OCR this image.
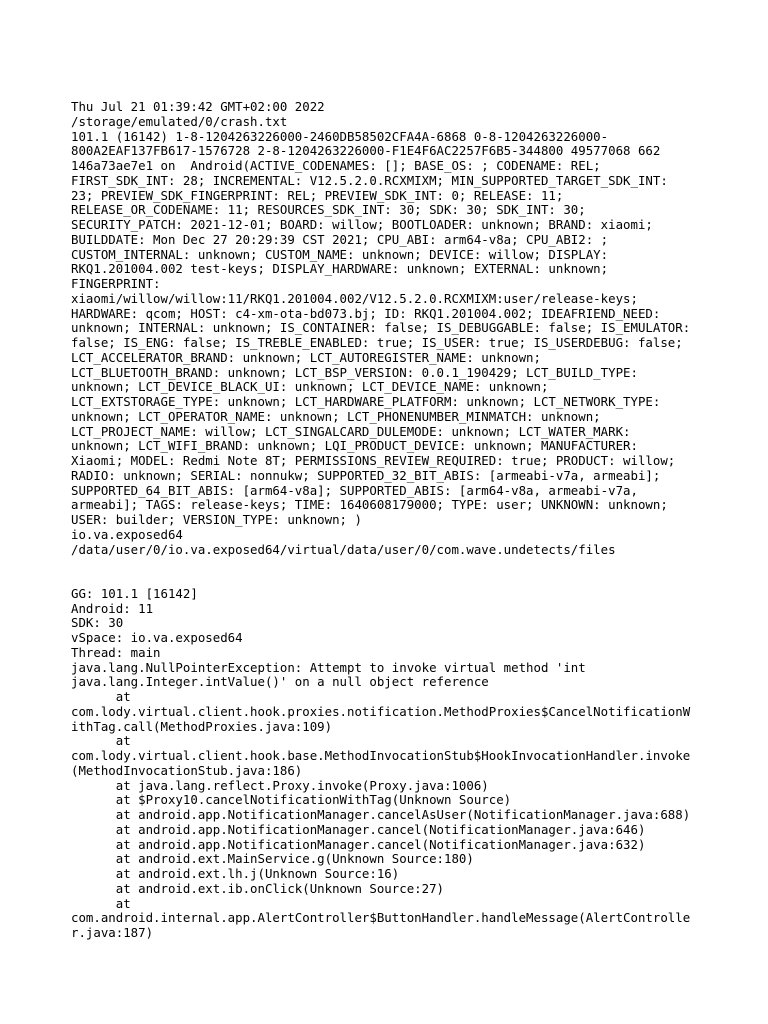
Thu Jul 21 01:39:42 GMT+02:00 2022
/storage/emulated/0/crash.txt
101.1 (16142) 1-8-1204263226000-2460DB58502CFA4A-6868 0-8-1204263226000-
800A2EAF137FB617-1576728 2-8-1204263226000-F1E4F6AC2257F6B5-344800 49577068 662
146a73ae7e1 on  Android(ACTIVE_CODENAMES: []; BASE_OS: ; CODENAME: REL;
FIRST_SDK_INT: 28; INCREMENTAL: V12.5.2.0.RCXMIXM; MIN_SUPPORTED_TARGET_SDK_INT:
23; PREVIEW_SDK_FINGERPRINT: REL; PREVIEW_SDK_INT: 0; RELEASE: 11;
RELEASE_OR_CODENAME: 11; RESOURCES_SDK_INT: 30; SDK: 30; SDK_INT: 30;
SECURITY_PATCH: 2021-12-01; BOARD: willow; BOOTLOADER: unknown; BRAND: xiaomi;
BUILDDATE: Mon Dec 27 20:29:39 CST 2021; CPU_ABI: arm64-v8a; CPU_ABI2: ;
CUSTOM_INTERNAL: unknown; CUSTOM_NAME: unknown; DEVICE: willow; DISPLAY:
RKQ1.201004.002 test-keys; DISPLAY_HARDWARE: unknown; EXTERNAL: unknown;
FINGERPRINT:
xiaomi/willow/willow:11/RKQ1.201004.002/V12.5.2.0.RCXMIXM:user/release-keys;
HARDWARE: qcom; HOST: c4-xm-ota-bd073.bj; ID: RKQ1.201004.002; IDEAFRIEND_NEED:
unknown; INTERNAL: unknown; IS_CONTAINER: false; IS_DEBUGGABLE: false; IS_EMULATOR:
false; IS_ENG: false; IS_TREBLE_ENABLED: true; IS_USER: true; IS_USERDEBUG: false;
LCT_ACCELERATOR_BRAND: unknown; LCT_AUTOREGISTER_NAME: unknown;
LCT_BLUETOOTH_BRAND: unknown; LCT_BSP_VERSION: 0.0.1_190429; LCT_BUILD_TYPE:
unknown; LCT_DEVICE_BLACK_UI: unknown; LCT_DEVICE_NAME: unknown;
LCT_EXTSTORAGE_TYPE: unknown; LCT_HARDWARE_PLATFORM: unknown; LCT_NETWORK_TYPE:
unknown; LCT_OPERATOR_NAME: unknown; LCT_PHONENUMBER_MINMATCH: unknown;
LCT_PROJECT_NAME: willow; LCT_SINGALCARD_DULEMODE: unknown; LCT_WATER_MARK:
unknown; LCT_WIFI_BRAND: unknown; LQI_PRODUCT_DEVICE: unknown; MANUFACTURER:
Xiaomi; MODEL: Redmi Note 8T; PERMISSIONS_REVIEW_REQUIRED: true; PRODUCT: willow;
RADIO: unknown; SERIAL: nonnukw; SUPPORTED_32_BIT_ABIS: [armeabi-v7a, armeabi];
SUPPORTED_64_BIT_ABIS: [arm64-v8a]; SUPPORTED_ABIS: [arm64-v8a, armeabi-v7a,
armeabi]; TAGS: release-keys; TIME: 1640608179000; TYPE: user; UNKNOWN: unknown;
USER: builder; VERSION_TYPE: unknown; )
io.va.exposed64
/data/user/0/io.va.exposed64/virtual/data/user/0/com.wave.undetects/files
GG: 101.1 [16142]
Android: 11
SDK: 30
vSpace: io.va.exposed64
Thread: main
java.lang.NullPointerException: Attempt to invoke virtual method 'int
java.lang.Integer.intValue()' on a null object reference
at
com.lody.virtual.client.hook.proxies.notification.MethodProxies$CancelNotificationW
ithTag.call(MethodProxies.java:109)
at
com.lody.virtual.client.hook.base.MethodInvocationStub$HookInvocationHandler.invoke
(MethodInvocationStub.java:186)
at java.lang.reflect.Proxy.invoke(Proxy.java:1006)
at $Proxy10.cancelNotificationWithTag(Unknown Source)
at android.app.NotificationManager.cancelAsUser(NotificationManager.java:688)
at android.app.NotificationManager.cancel(NotificationManager.java:646)
at android.app.NotificationManager.cancel(NotificationManager.java:632)
at android.ext.MainService.g(Unknown Source:180)
at android.ext.lh.j(Unknown Source:16)
at android.ext.ib.onClick(Unknown Source:27)
at
com.android.internal.app.AlertController$ButtonHandler.handleMessage(AlertControlle
r.java:187)
